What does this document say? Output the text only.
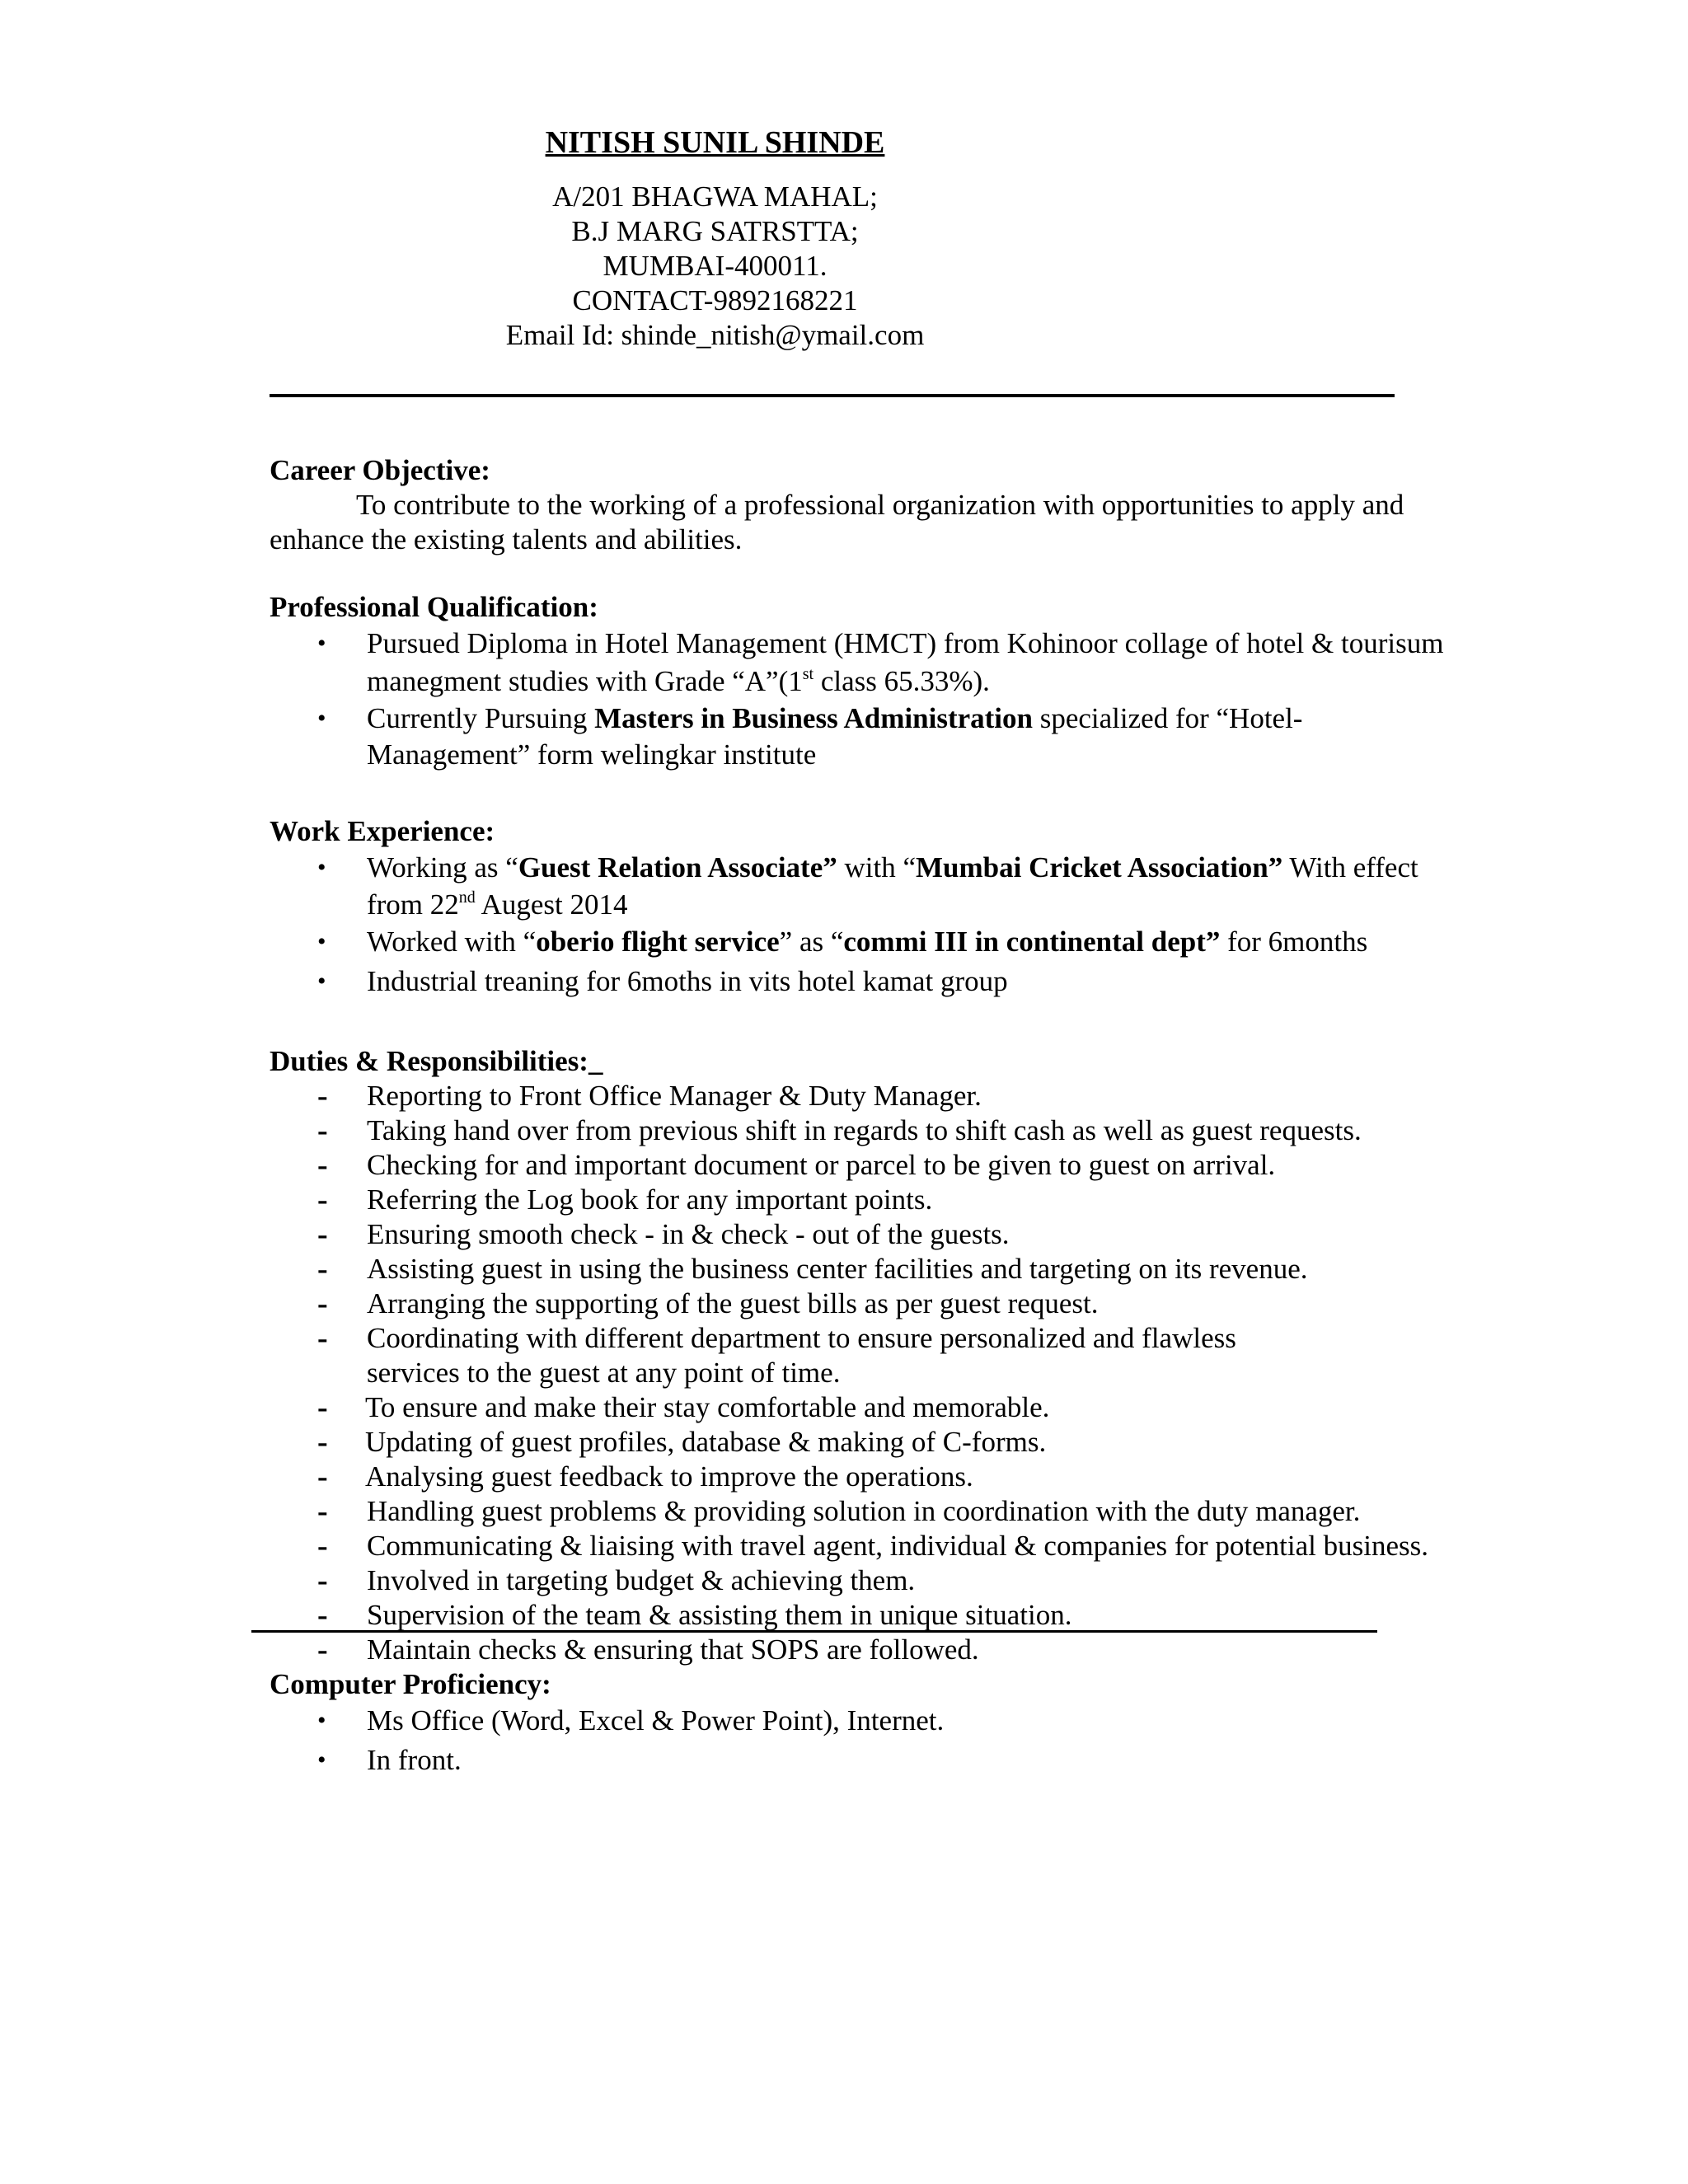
NITISH SUNIL SHINDE
A/201 BHAGWA MAHAL;
B.J MARG SATRSTTA;
MUMBAI-400011.
CONTACT-9892168221
Email Id: shinde_nitish@ymail.com
Career Objective:
To contribute to the working of a professional organization with opportunities to apply and
enhance the existing talents and abilities.
Professional Qualification:
• Pursued Diploma in Hotel Management (HMCT) from Kohinoor collage of hotel & tourisum
manegment studies with Grade “A”(1st class 65.33%).
• Currently Pursuing Masters in Business Administration specialized for “Hotel-
Management” form welingkar institute
Work Experience:
• Working as “Guest Relation Associate” with “Mumbai Cricket Association” With effect
from 22nd Augest 2014
• Worked with “oberio flight service” as “commi III in continental dept” for 6months
• Industrial treaning for 6moths in vits hotel kamat group
Duties & Responsibilities:_
- Reporting to Front Office Manager & Duty Manager.
- Taking hand over from previous shift in regards to shift cash as well as guest requests.
- Checking for and important document or parcel to be given to guest on arrival.
- Referring the Log book for any important points.
- Ensuring smooth check - in & check - out of the guests.
- Assisting guest in using the business center facilities and targeting on its revenue.
- Arranging the supporting of the guest bills as per guest request.
- Coordinating with different department to ensure personalized and flawless
services to the guest at any point of time.
- To ensure and make their stay comfortable and memorable.
- Updating of guest profiles, database & making of C-forms.
- Analysing guest feedback to improve the operations.
- Handling guest problems & providing solution in coordination with the duty manager.
- Communicating & liaising with travel agent, individual & companies for potential business.
- Involved in targeting budget & achieving them.
- Supervision of the team & assisting them in unique situation.
- Maintain checks & ensuring that SOPS are followed.
Computer Proficiency:
• Ms Office (Word, Excel & Power Point), Internet.
• In front.
